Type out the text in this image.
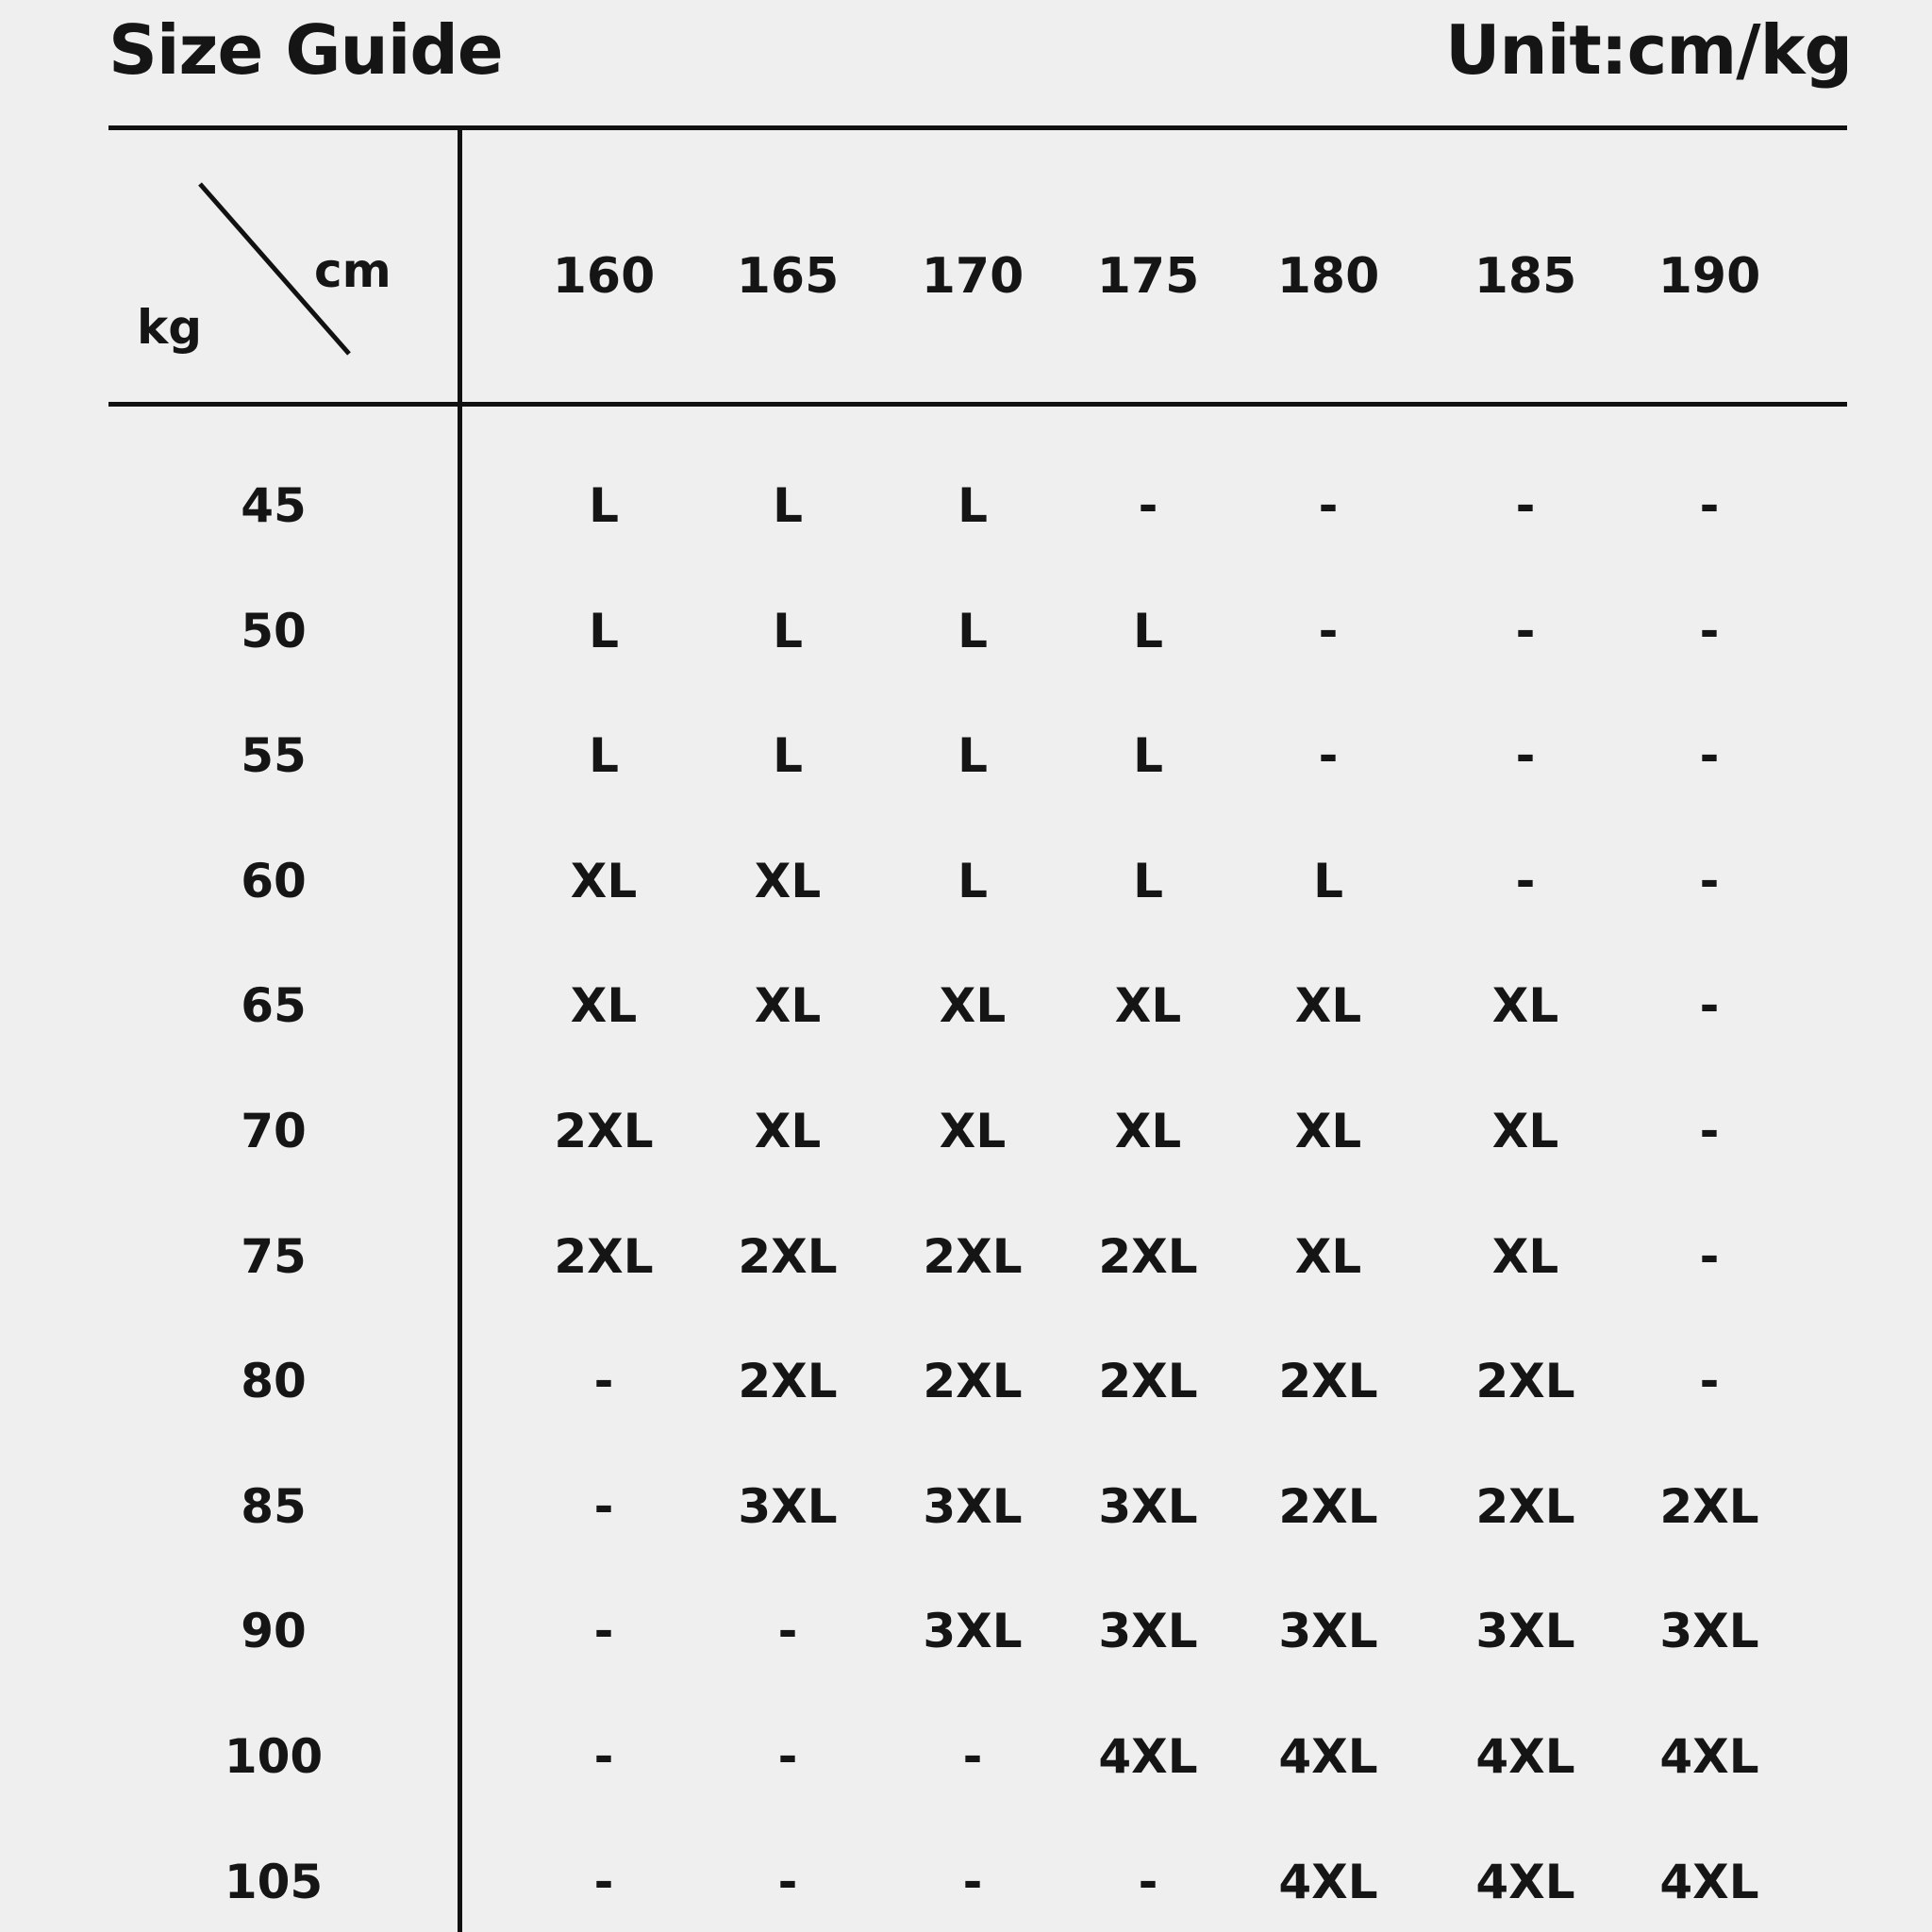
Size Guide	Unit:cm/kg
cm
kg
160	165	170	175	180	185	190
45	L	L	L	-	-	-	-
50	L	L	L	L	-	-	-
55	L	L	L	L	-	-	-
60	XL	XL	L	L	L	-	-
65	XL	XL	XL	XL	XL	XL	-
70	2XL	XL	XL	XL	XL	XL	-
75	2XL	2XL	2XL	2XL	XL	XL	-
80	-	2XL	2XL	2XL	2XL	2XL	-
85	-	3XL	3XL	3XL	2XL	2XL	2XL
90	-	-	3XL	3XL	3XL	3XL	3XL
100	-	-	-	4XL	4XL	4XL	4XL
105	-	-	-	-	4XL	4XL	4XL
